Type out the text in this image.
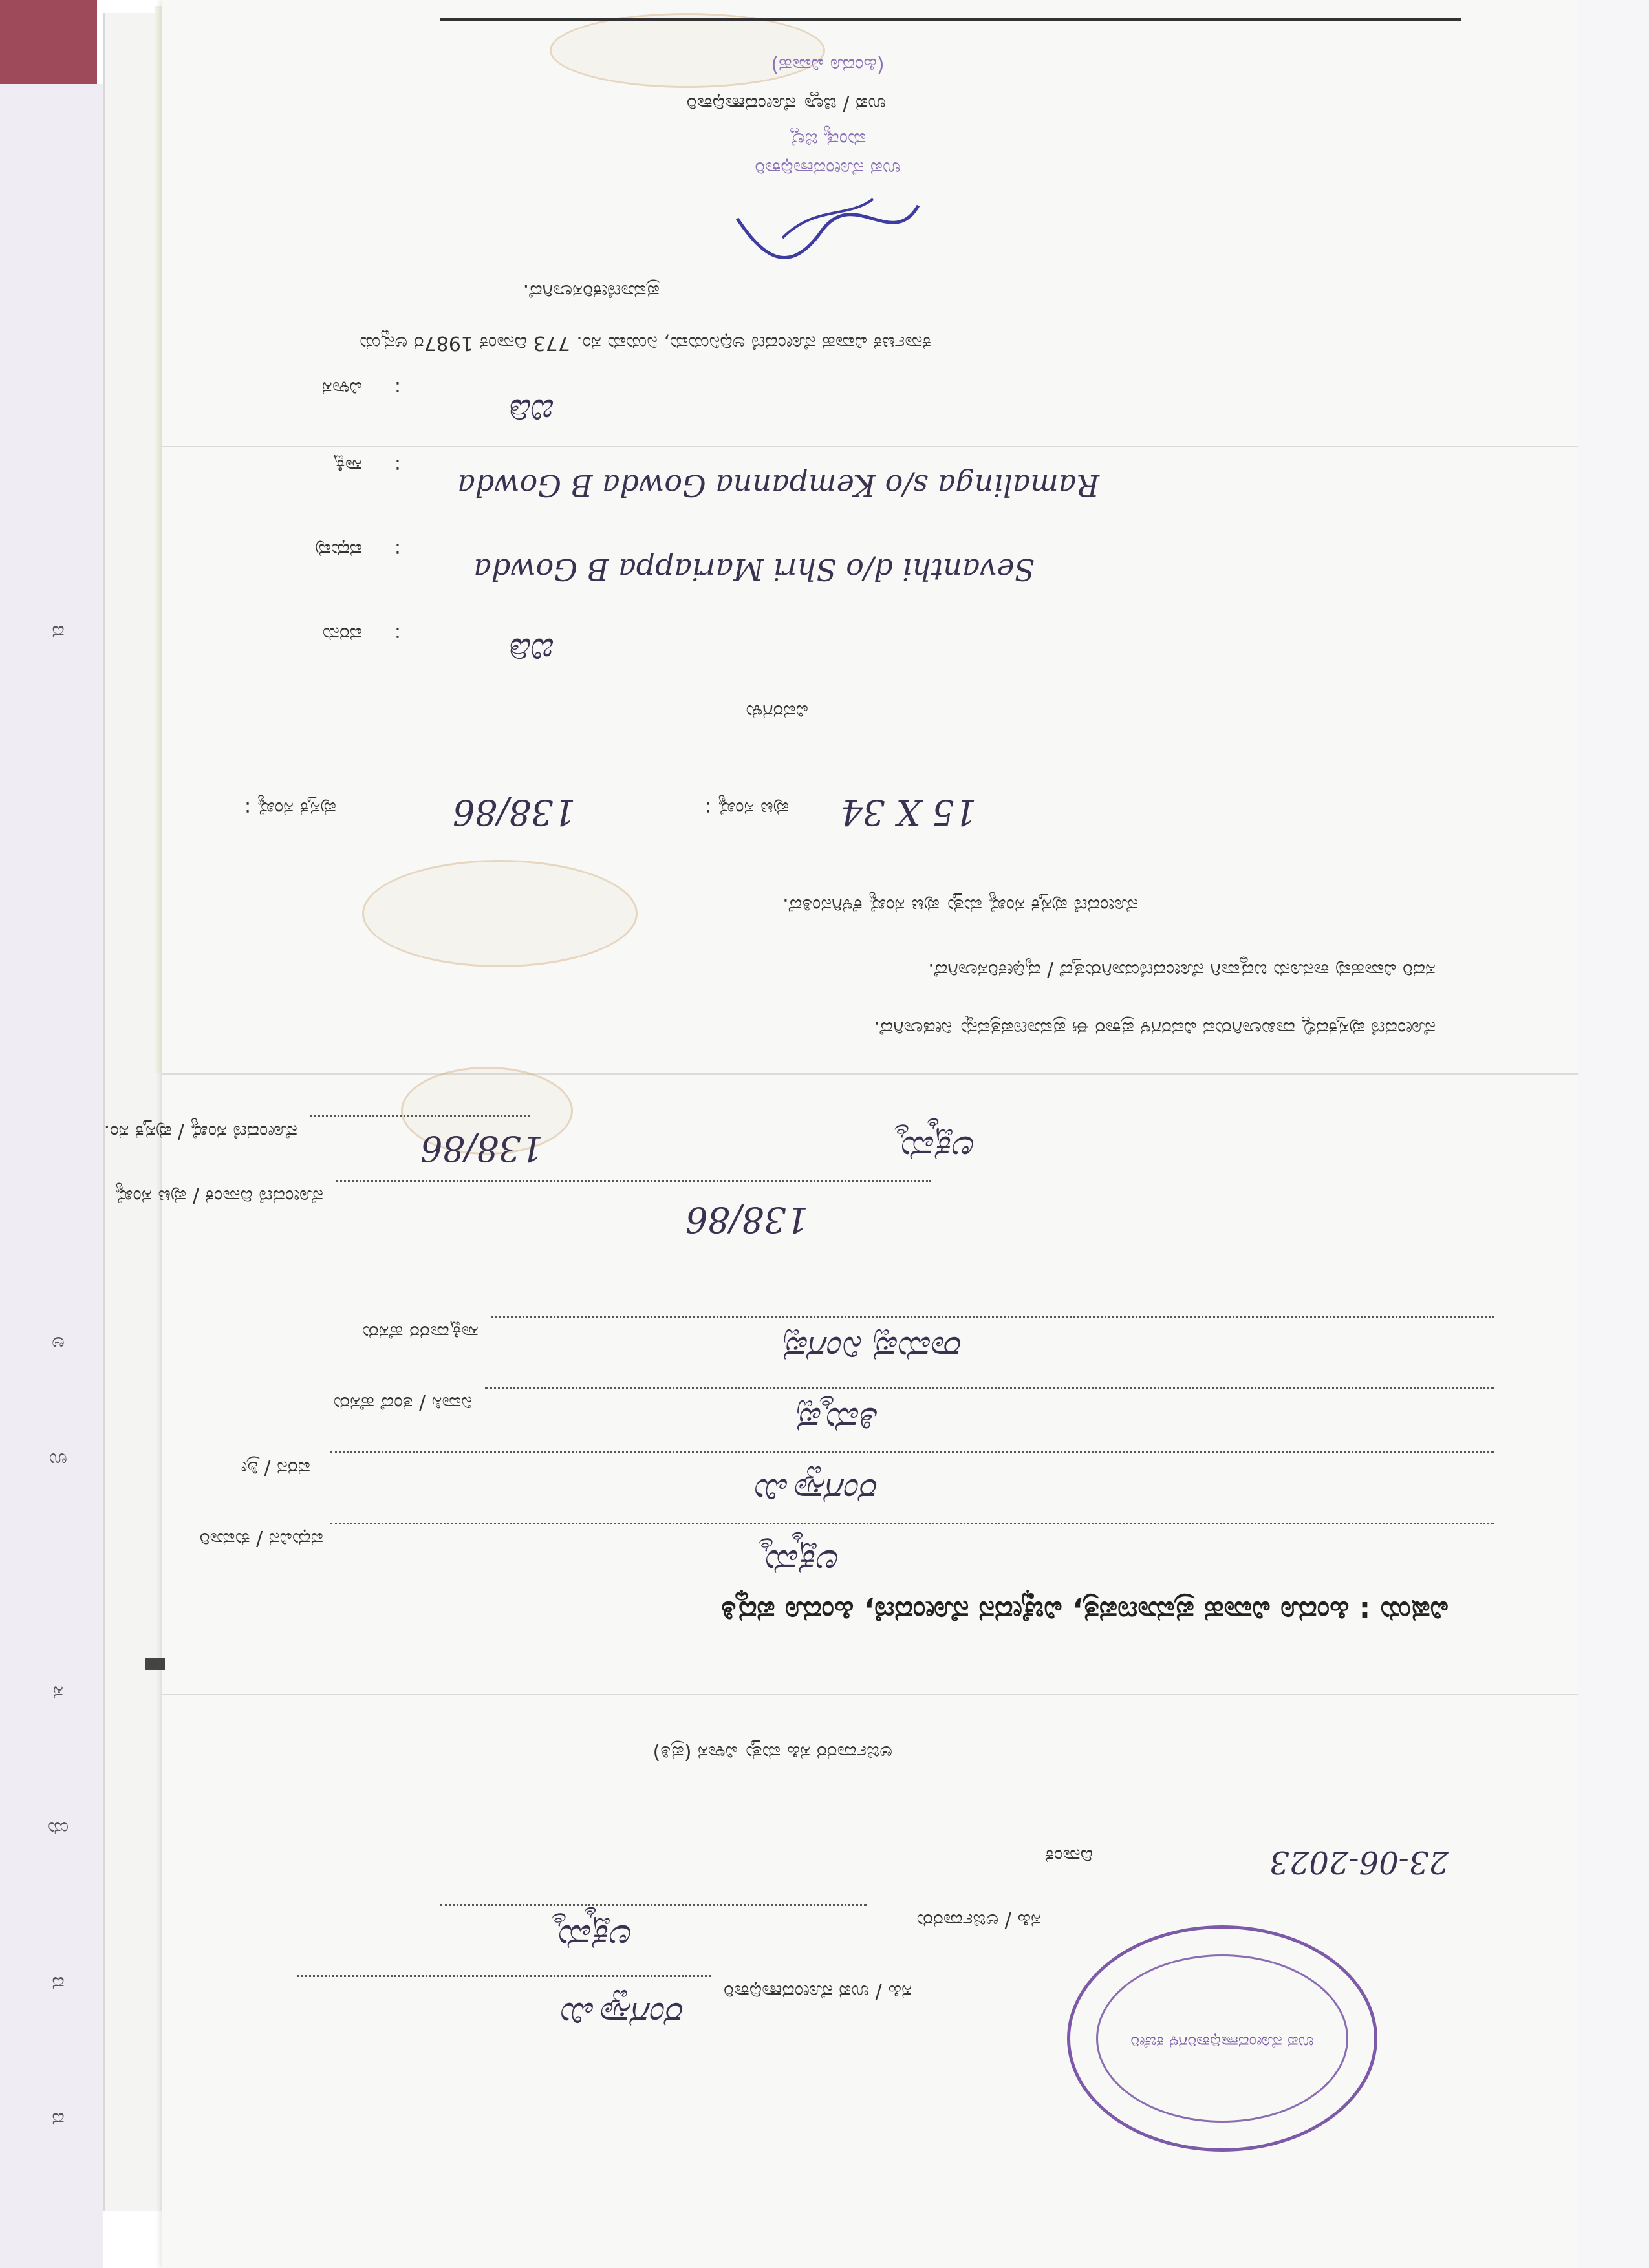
ದ
ಅ
ಉ
ಸ
ಯ
ದ
ದ
ಉಪ ನೋಂದಣಾಧಿಕಾರಿಗಳ ಕಚೇರಿ
ಸಹಿ / ಉಪ ನೋಂದಣಾಧಿಕಾರಿ
ರಂಗಸ್ವಾಮಿ
ಸಹಿ / ಅರ್ಜಿದಾರರು
ಲಕ್ಷ್ಮಮ್ಮ
ದಿನಾಂಕ	23-06-2023
ಅರ್ಜಿದಾರರ ಸಹಿ ಮತ್ತು ವಿಳಾಸ (ಪ್ರತಿ)
ವಿಷಯ : ಹಿಂದೂ ವಿವಾಹ ಪ್ರಮಾಣಪತ್ರ, ವಿಚ್ಛೇದನ ನೋಂದಣಿ, ಹಿಂದೂ ಪದ್ಧತಿ
ವಧುವಿನ / ಕುಮಾರಿ
ಲಕ್ಷ್ಮಮ್ಮ
ವರನ / ಶ್ರೀ
ರಂಗಸ್ವಾಮಿ
ನಿವಾಸಿ / ತಂದೆ ಹೆಸರು	ತಿಮ್ಮಪ್ಪ
ಸಾಕ್ಷಿದಾರರ ಹೆಸರು	ರಾಮಪ್ಪ ನಿಂಗಪ್ಪ
ನೋಂದಣಿ ದಿನಾಂಕ / ಪುಟ ಸಂಖ್ಯೆ
138/86
ನೋಂದಣಿ ಸಂಖ್ಯೆ / ಪುಸ್ತಕ ಸಂ.	138/86	ಲಕ್ಷ್ಮಮ್ಮ
ನೋಂದಣಿ ಪುಸ್ತಕದಲ್ಲಿ ದಾಖಲಾಗಿರುವ ವಿವರಗಳ ಪ್ರಕಾರ ಈ ಪ್ರಮಾಣಪತ್ರವನ್ನು ನೀಡಲಾಗಿದೆ.
ಸದರಿ ವಿವಾಹವು ಕಾನೂನು ಬದ್ಧವಾಗಿ ನೋಂದಣಿಯಾಗಿರುತ್ತದೆ / ದೃಢೀಕರಿಸಲಾಗಿದೆ.
ನೋಂದಣಿ ಪುಸ್ತಕ ಸಂಖ್ಯೆ ಮತ್ತು ಪುಟ ಸಂಖ್ಯೆ ಕೆಳಗಿನಂತಿದೆ.
ಪುಸ್ತಕ ಸಂಖ್ಯೆ :	138/86	ಪುಟ ಸಂಖ್ಯೆ : 15 X 34
ವಿವರಗಳು
ವರನು :	ಬಿಡಿ
ವಧುವು :
Sevanthi d/o Shri Mariappa B Gowda
ಸಾಕ್ಷಿ :
Ramalinga s/o Kempanna Gowda B Gowda
ವಿಳಾಸ :
ಬಿಡಿ
ಕರ್ನಾಟಕ ವಿವಾಹ ನೋಂದಣಿ ಅಧಿನಿಯಮ, ನಿಯಮ ಸಂ. 773 ದಿನಾಂಕ 1987ರ ಅನ್ವಯ
ಪ್ರಮಾಣೀಕರಿಸಲಾಗಿದೆ.
ಉಪ ನೋಂದಣಾಧಿಕಾರಿ
ಮಂಡ್ಯ ಜಿಲ್ಲೆ
ಉಪ / ಜಿಲ್ಲಾ ನೋಂದಣಾಧಿಕಾರಿ
(ಹಿಂದೂ ವಿವಾಹ)
